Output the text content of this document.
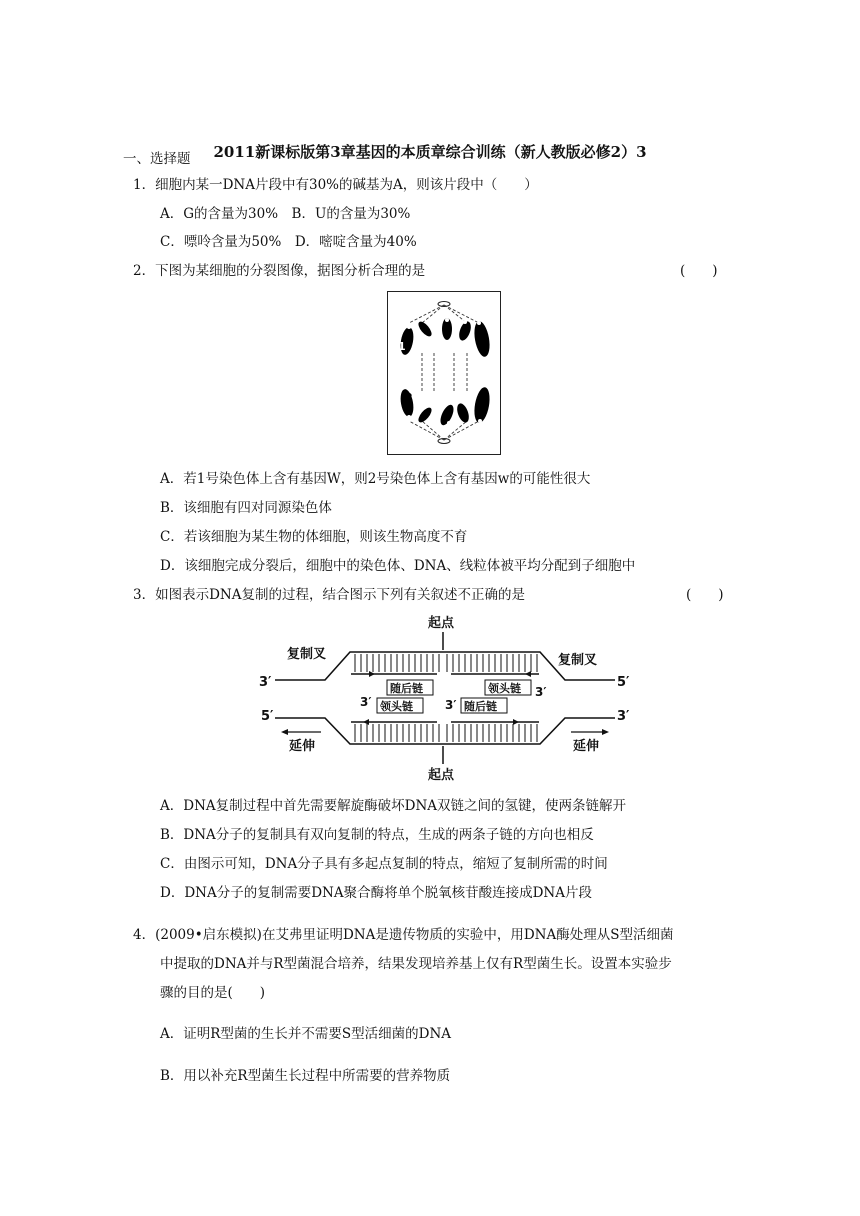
2011新课标版第3章基因的本质章综合训练（新人教版必修2）3
一、选择题
1．细胞内某一DNA片段中有30%的碱基为A，则该片段中（　　）
A．G的含量为30%　B．U的含量为30%
C．嘌呤含量为50%　D．嘧啶含量为40%
2．下图为某细胞的分裂图像，据图分析合理的是	(　　)
1
2
A．若1号染色体上含有基因W，则2号染色体上含有基因w的可能性很大
B．该细胞有四对同源染色体
C．若该细胞为某生物的体细胞，则该生物高度不育
D．该细胞完成分裂后，细胞中的染色体、DNA、线粒体被平均分配到子细胞中
3．如图表示DNA复制的过程，结合图示下列有关叙述不正确的是	(　　)
起点
复制叉	复制叉
随后链	领头链
领头链	随后链
3′	5′
5′	3′
3′	3′
3′
延伸	延伸
起点
A．DNA复制过程中首先需要解旋酶破坏DNA双链之间的氢键，使两条链解开
B．DNA分子的复制具有双向复制的特点，生成的两条子链的方向也相反
C．由图示可知，DNA分子具有多起点复制的特点，缩短了复制所需的时间
D．DNA分子的复制需要DNA聚合酶将单个脱氧核苷酸连接成DNA片段
4．(2009•启东模拟)在艾弗里证明DNA是遗传物质的实验中，用DNA酶处理从S型活细菌
中提取的DNA并与R型菌混合培养，结果发现培养基上仅有R型菌生长。设置本实验步
骤的目的是(　　)
A．证明R型菌的生长并不需要S型活细菌的DNA
B．用以补充R型菌生长过程中所需要的营养物质
